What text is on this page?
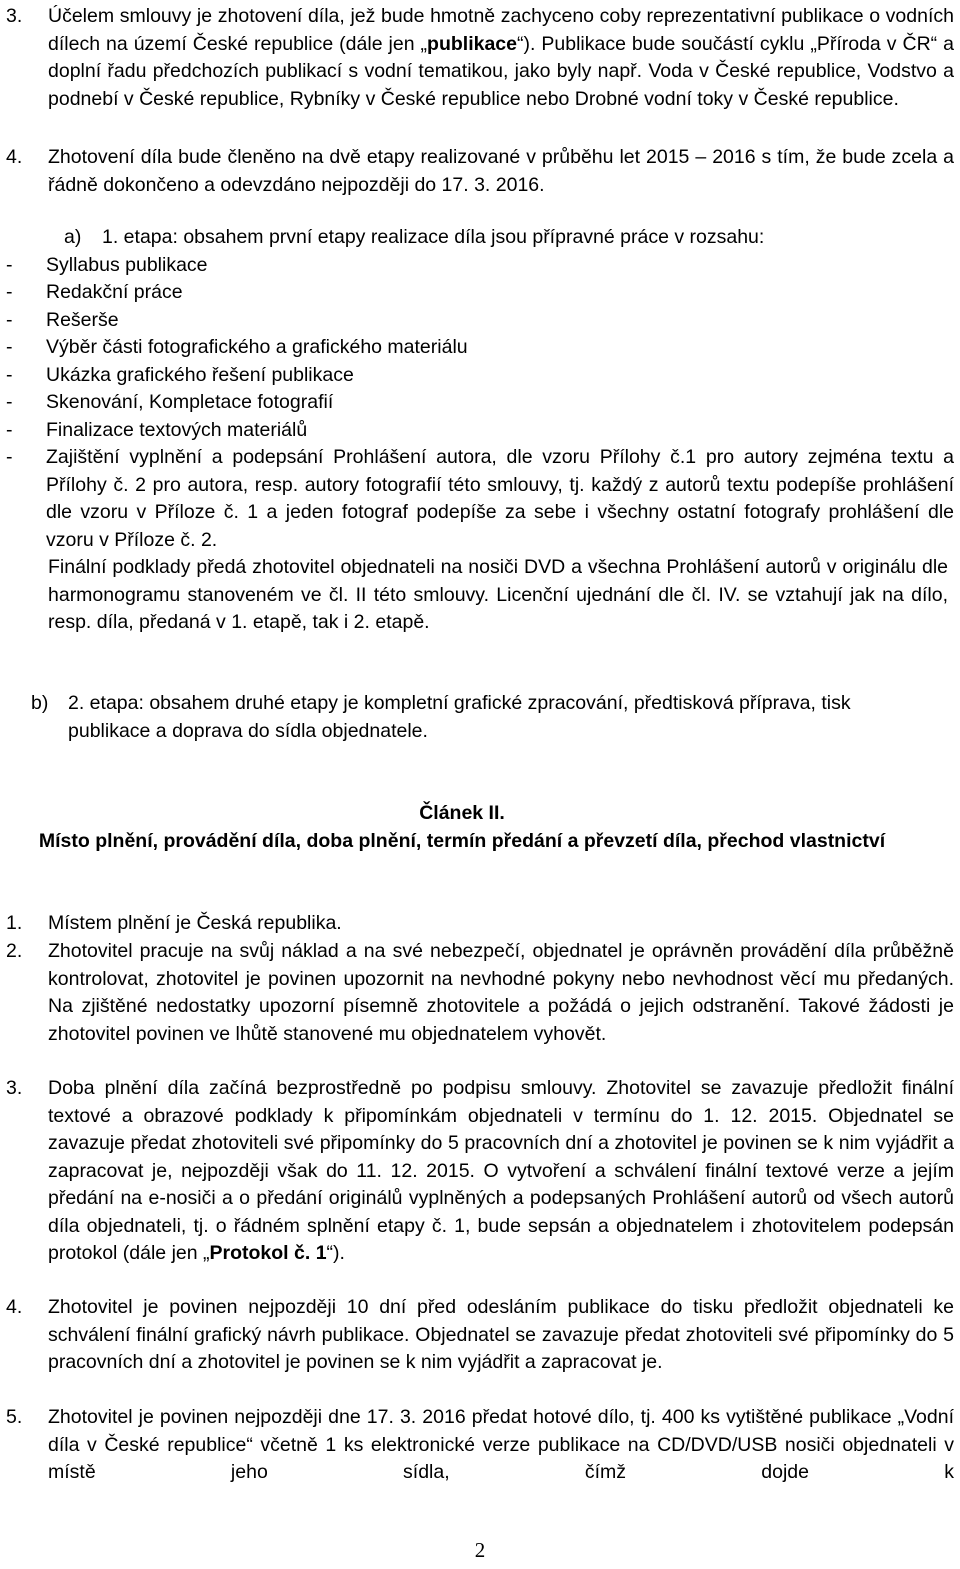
3. Účelem smlouvy je zhotovení díla, jež bude hmotně zachyceno coby reprezentativní publikace o vodních dílech na území České republice (dále jen „publikace“). Publikace bude součástí cyklu „Příroda v ČR“ a doplní řadu předchozích publikací s vodní tematikou, jako byly např. Voda v České republice, Vodstvo a podnebí v České republice, Rybníky v České republice nebo Drobné vodní toky v České republice.
4. Zhotovení díla bude členěno na dvě etapy realizované v průběhu let 2015 – 2016 s tím, že bude zcela a řádně dokončeno a odevzdáno nejpozději do 17. 3. 2016.
a) 1. etapa: obsahem první etapy realizace díla jsou přípravné práce v rozsahu:
- Syllabus publikace
- Redakční práce
- Rešerše
- Výběr části fotografického a grafického materiálu
- Ukázka grafického řešení publikace
- Skenování, Kompletace fotografií
- Finalizace textových materiálů
- Zajištění vyplnění a podepsání Prohlášení autora, dle vzoru Přílohy č.1 pro autory zejména textu a Přílohy č. 2 pro autora, resp. autory fotografií této smlouvy, tj. každý z autorů textu podepíše prohlášení dle vzoru v Příloze č. 1 a jeden fotograf podepíše za sebe i všechny ostatní fotografy prohlášení dle vzoru v Příloze č. 2.
Finální podklady předá zhotovitel objednateli na nosiči DVD a všechna Prohlášení autorů v originálu dle harmonogramu stanoveném ve čl. II této smlouvy. Licenční ujednání dle čl. IV. se vztahují jak na dílo, resp. díla, předaná v 1. etapě, tak i 2. etapě.
b) 2. etapa: obsahem druhé etapy je kompletní grafické zpracování, předtisková příprava, tisk publikace a doprava do sídla objednatele.
Článek II.
Místo plnění, provádění díla, doba plnění, termín předání a převzetí díla, přechod vlastnictví
1. Místem plnění je Česká republika.
2. Zhotovitel pracuje na svůj náklad a na své nebezpečí, objednatel je oprávněn provádění díla průběžně kontrolovat, zhotovitel je povinen upozornit na nevhodné pokyny nebo nevhodnost věcí mu předaných. Na zjištěné nedostatky upozorní písemně zhotovitele a požádá o jejich odstranění. Takové žádosti je zhotovitel povinen ve lhůtě stanovené mu objednatelem vyhovět.
3. Doba plnění díla začíná bezprostředně po podpisu smlouvy. Zhotovitel se zavazuje předložit finální textové a obrazové podklady k připomínkám objednateli v termínu do 1. 12. 2015. Objednatel se zavazuje předat zhotoviteli své připomínky do 5 pracovních dní a zhotovitel je povinen se k nim vyjádřit a zapracovat je, nejpozději však do 11. 12. 2015. O vytvoření a schválení finální textové verze a jejím předání na e-nosiči a o předání originálů vyplněných a podepsaných Prohlášení autorů od všech autorů díla objednateli, tj. o řádném splnění etapy č. 1, bude sepsán a objednatelem i zhotovitelem podepsán protokol (dále jen „Protokol č. 1“).
4. Zhotovitel je povinen nejpozději 10 dní před odesláním publikace do tisku předložit objednateli ke schválení finální grafický návrh publikace. Objednatel se zavazuje předat zhotoviteli své připomínky do 5 pracovních dní a zhotovitel je povinen se k nim vyjádřit a zapracovat je.
5. Zhotovitel je povinen nejpozději dne 17. 3. 2016 předat hotové dílo, tj. 400 ks vytištěné publikace „Vodní díla v České republice“ včetně 1 ks elektronické verze publikace na CD/DVD/USB nosiči objednateli v místě jeho sídla, čímž dojde k
2
